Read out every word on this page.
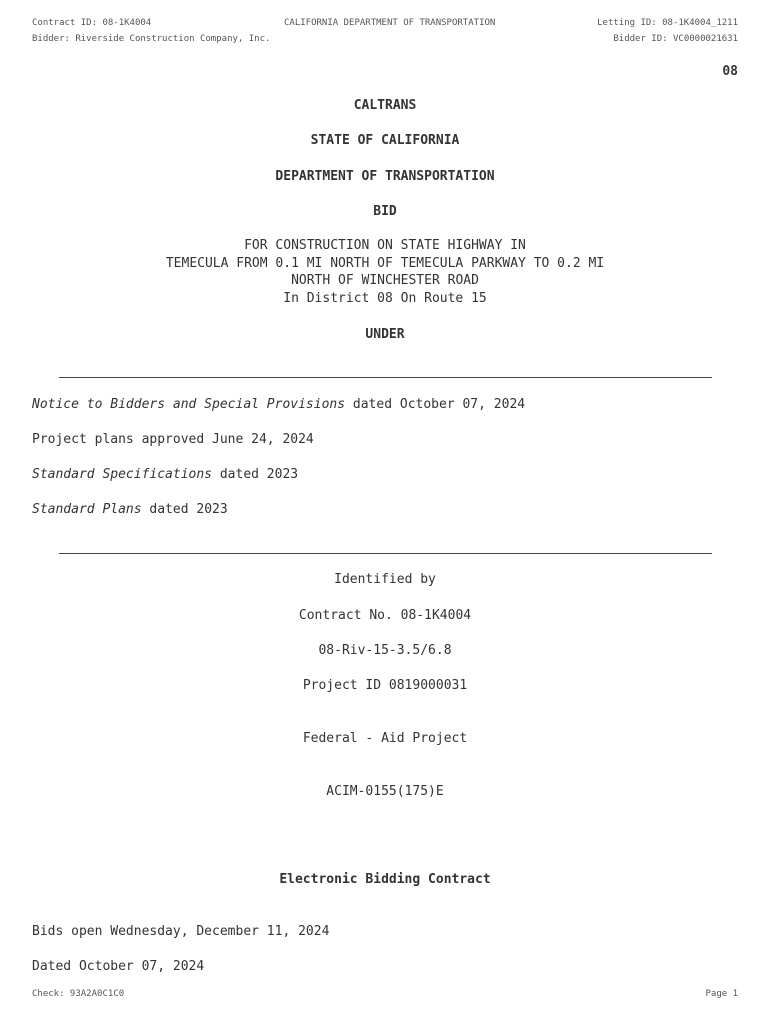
Contract ID: 08-1K4004	CALIFORNIA DEPARTMENT OF TRANSPORTATION	Letting ID: 08-1K4004_1211
Bidder: Riverside Construction Company, Inc.	Bidder ID: VC0000021631
08
CALTRANS
STATE OF CALIFORNIA
DEPARTMENT OF TRANSPORTATION
BID
FOR CONSTRUCTION ON STATE HIGHWAY IN
TEMECULA FROM 0.1 MI NORTH OF TEMECULA PARKWAY TO 0.2 MI
NORTH OF WINCHESTER ROAD
In District 08 On Route 15
UNDER
Notice to Bidders and Special Provisions dated October 07, 2024
Project plans approved June 24, 2024
Standard Specifications dated 2023
Standard Plans dated 2023
Identified by
Contract No. 08-1K4004
08-Riv-15-3.5/6.8
Project ID 0819000031
Federal - Aid Project
ACIM-0155(175)E
Electronic Bidding Contract
Bids open Wednesday, December 11, 2024
Dated October 07, 2024
Check: 93A2A0C1C0	Page 1
